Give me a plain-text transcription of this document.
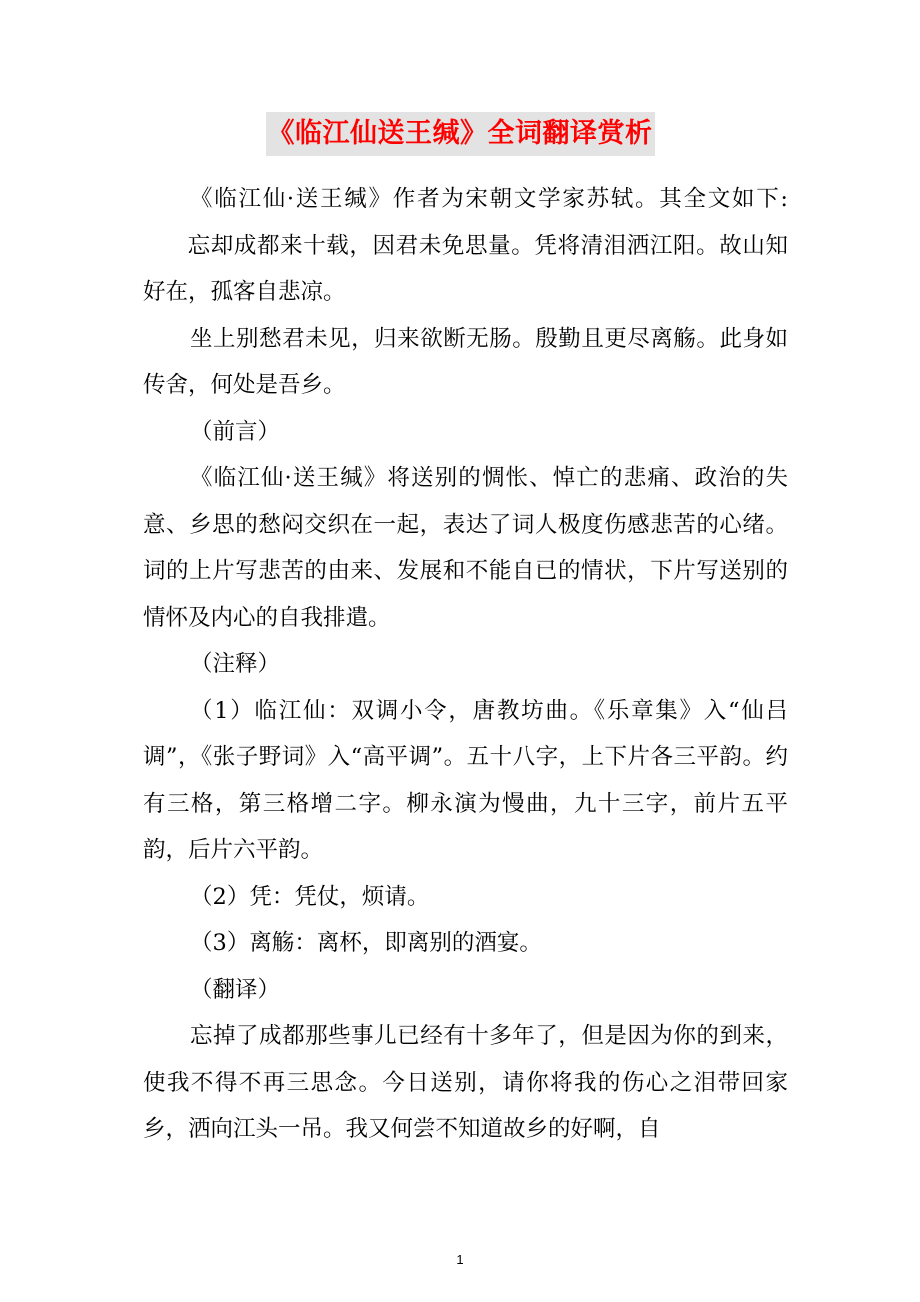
《临江仙送王缄》全词翻译赏析

《临江仙·送王缄》作者为宋朝文学家苏轼。其全文如下:忘却成都来十载，因君未免思量。凭将清泪洒江阳。故山知好在，孤客自悲凉。

坐上别愁君未见，归来欲断无肠。殷勤且更尽离觞。此身如传舍，何处是吾乡。

（前言）

《临江仙·送王缄》将送别的惆怅、悼亡的悲痛、政治的失意、乡思的愁闷交织在一起，表达了词人极度伤感悲苦的心绪。词的上片写悲苦的由来、发展和不能自已的情状，下片写送别的情怀及内心的自我排遣。

（注释）

（1）临江仙：双调小令，唐教坊曲。《乐章集》入“仙吕调”，《张子野词》入“高平调”。五十八字，上下片各三平韵。约有三格，第三格增二字。柳永演为慢曲，九十三字，前片五平韵，后片六平韵。

（2）凭：凭仗，烦请。

（3）离觞：离杯，即离别的酒宴。

（翻译）

忘掉了成都那些事儿已经有十多年了，但是因为你的到来，使我不得不再三思念。今日送别，请你将我的伤心之泪带回家乡，洒向江头一吊。我又何尝不知道故乡的好啊，自

1
